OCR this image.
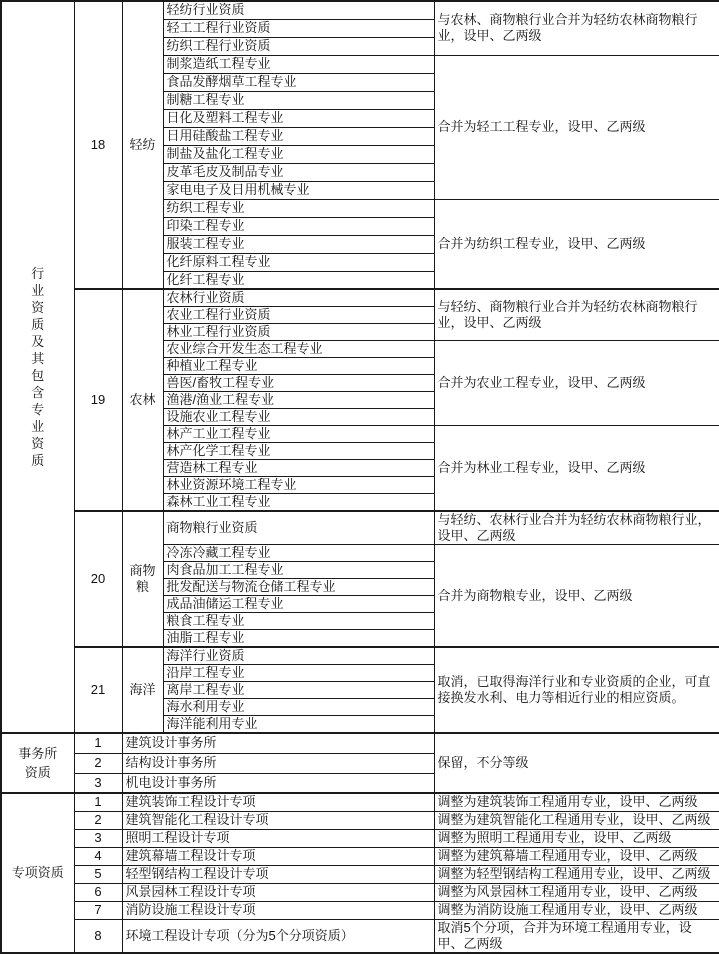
行业资质及其包含专业资质	18	轻纺	轻纺行业资质	与农林、商物粮行业合并为轻纺农林商物粮行业，设甲、乙两级
			轻工工程行业资质	
			纺织工程行业资质	
			制浆造纸工程专业	合并为轻工工程专业，设甲、乙两级
			食品发酵烟草工程专业	
			制糖工程专业	
			日化及塑料工程专业	
			日用硅酸盐工程专业	
			制盐及盐化工程专业	
			皮革毛皮及制品专业	
			家电电子及日用机械专业	
			纺织工程专业	合并为纺织工程专业，设甲、乙两级
			印染工程专业	
			服装工程专业	
			化纤原料工程专业	
			化纤工程专业	
	19	农林	农林行业资质	与轻纺、商物粮行业合并为轻纺农林商物粮行业，设甲、乙两级
			农业工程行业资质	
			林业工程行业资质	
			农业综合开发生态工程专业	合并为农业工程专业，设甲、乙两级
			种植业工程专业	
			兽医/畜牧工程专业	
			渔港/渔业工程专业	
			设施农业工程专业	
			林产工业工程专业	合并为林业工程专业，设甲、乙两级
			林产化学工程专业	
			营造林工程专业	
			林业资源环境工程专业	
			森林工业工程专业	
	20	商物粮	商物粮行业资质	与轻纺、农林行业合并为轻纺农林商物粮行业，设甲、乙两级
			冷冻冷藏工程专业	合并为商物粮专业，设甲、乙两级
			肉食品加工工程专业	
			批发配送与物流仓储工程专业	
			成品油储运工程专业	
			粮食工程专业	
			油脂工程专业	
	21	海洋	海洋行业资质	取消，已取得海洋行业和专业资质的企业，可直接换发水利、电力等相近行业的相应资质。
			沿岸工程专业	
			离岸工程专业	
			海水利用专业	
			海洋能利用专业	

事务所资质	1	建筑设计事务所		保留，不分等级
	2	结构设计事务所		
	3	机电设计事务所		
专项资质	1	建筑装饰工程设计专项		调整为建筑装饰工程通用专业，设甲、乙两级
	2	建筑智能化工程设计专项		调整为建筑智能化工程通用专业，设甲、乙两级
	3	照明工程设计专项		调整为照明工程通用专业，设甲、乙两级
	4	建筑幕墙工程设计专项		调整为建筑幕墙工程通用专业，设甲、乙两级
	5	轻型钢结构工程设计专项		调整为轻型钢结构工程通用专业，设甲、乙两级
	6	风景园林工程设计专项		调整为风景园林工程通用专业，设甲、乙两级
	7	消防设施工程设计专项		调整为消防设施工程通用专业，设甲、乙两级
	8	环境工程设计专项（分为5个分项资质）		取消5个分项，合并为环境工程通用专业，设甲、乙两级
